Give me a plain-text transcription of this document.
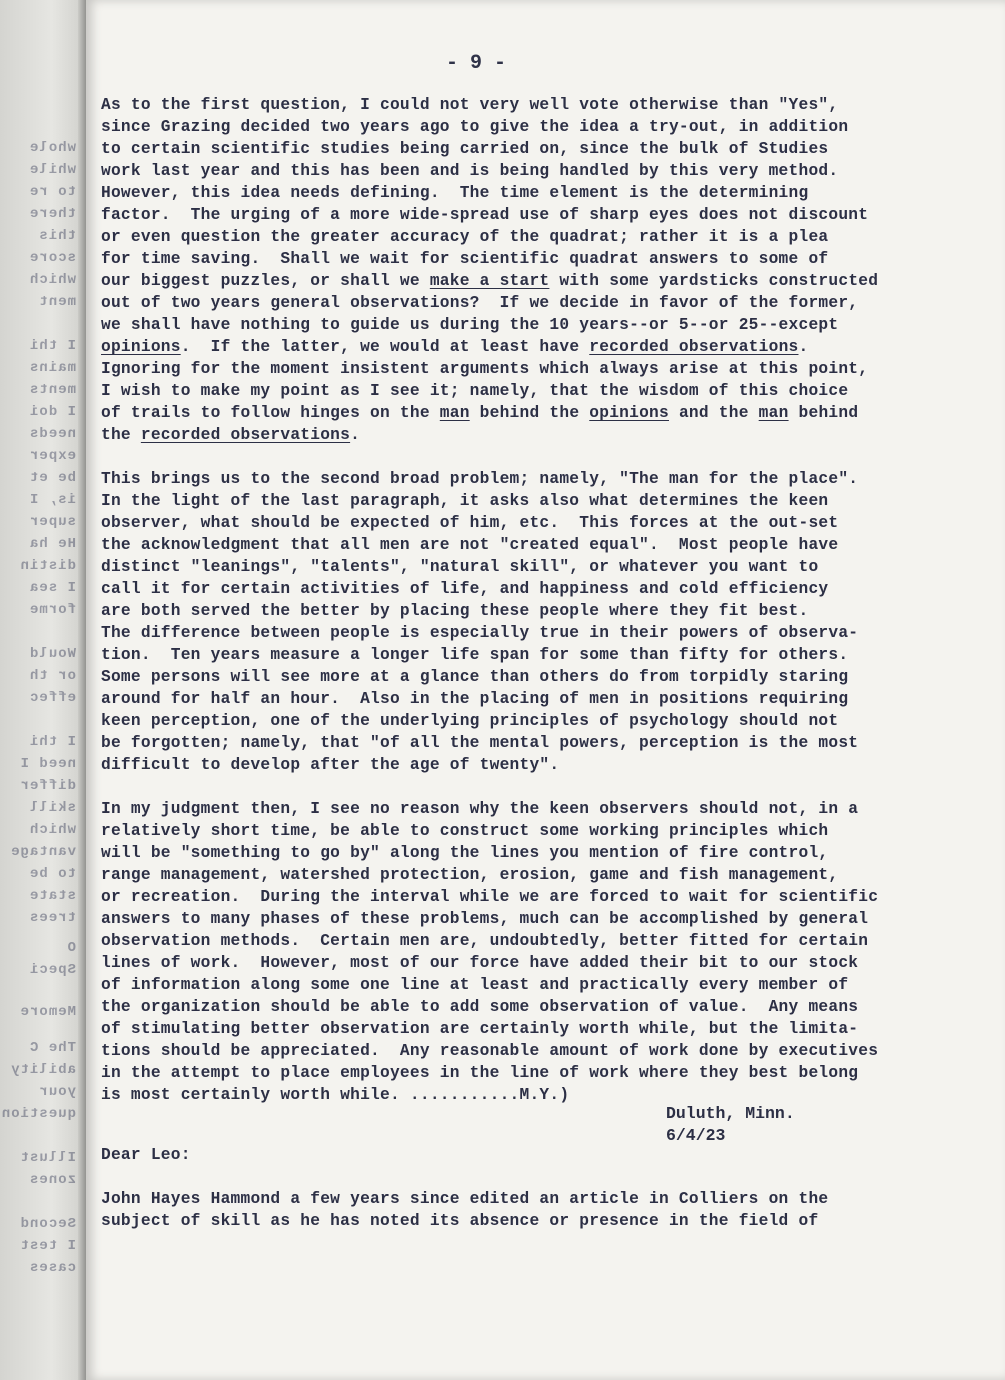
whole
while
to re
there
this
score
which
ment
I thi
mains
ments
I doi
needs
exper
be et
is, I
super
He ha
distin
I sea
forme
Would
or th
effec
I thi
need I
differ
skill
which
vantage
to be
state
trees
O
Speci
Memore
The C
ability
your
question
Illust
zones
Second
I test
cases
- 9 -
As to the first question, I could not very well vote otherwise than "Yes",
since Grazing decided two years ago to give the idea a try-out, in addition
to certain scientific studies being carried on, since the bulk of Studies
work last year and this has been and is being handled by this very method.
However, this idea needs defining.  The time element is the determining
factor.  The urging of a more wide-spread use of sharp eyes does not discount
or even question the greater accuracy of the quadrat; rather it is a plea
for time saving.  Shall we wait for scientific quadrat answers to some of
our biggest puzzles, or shall we make a start with some yardsticks constructed
out of two years general observations?  If we decide in favor of the former,
we shall have nothing to guide us during the 10 years--or 5--or 25--except
opinions.  If the latter, we would at least have recorded observations.
Ignoring for the moment insistent arguments which always arise at this point,
I wish to make my point as I see it; namely, that the wisdom of this choice
of trails to follow hinges on the man behind the opinions and the man behind
the recorded observations.
This brings us to the second broad problem; namely, "The man for the place".
In the light of the last paragraph, it asks also what determines the keen
observer, what should be expected of him, etc.  This forces at the out-set
the acknowledgment that all men are not "created equal".  Most people have
distinct "leanings", "talents", "natural skill", or whatever you want to
call it for certain activities of life, and happiness and cold efficiency
are both served the better by placing these people where they fit best.
The difference between people is especially true in their powers of observa-
tion.  Ten years measure a longer life span for some than fifty for others.
Some persons will see more at a glance than others do from torpidly staring
around for half an hour.  Also in the placing of men in positions requiring
keen perception, one of the underlying principles of psychology should not
be forgotten; namely, that "of all the mental powers, perception is the most
difficult to develop after the age of twenty".
In my judgment then, I see no reason why the keen observers should not, in a
relatively short time, be able to construct some working principles which
will be "something to go by" along the lines you mention of fire control,
range management, watershed protection, erosion, game and fish management,
or recreation.  During the interval while we are forced to wait for scientific
answers to many phases of these problems, much can be accomplished by general
observation methods.  Certain men are, undoubtedly, better fitted for certain
lines of work.  However, most of our force have added their bit to our stock
of information along some one line at least and practically every member of
the organization should be able to add some observation of value.  Any means
of stimulating better observation are certainly worth while, but the limita-
tions should be appreciated.  Any reasonable amount of work done by executives
in the attempt to place employees in the line of work where they best belong
is most certainly worth while. ...........M.Y.)
Duluth, Minn.
6/4/23
Dear Leo:
John Hayes Hammond a few years since edited an article in Colliers on the
subject of skill as he has noted its absence or presence in the field of
